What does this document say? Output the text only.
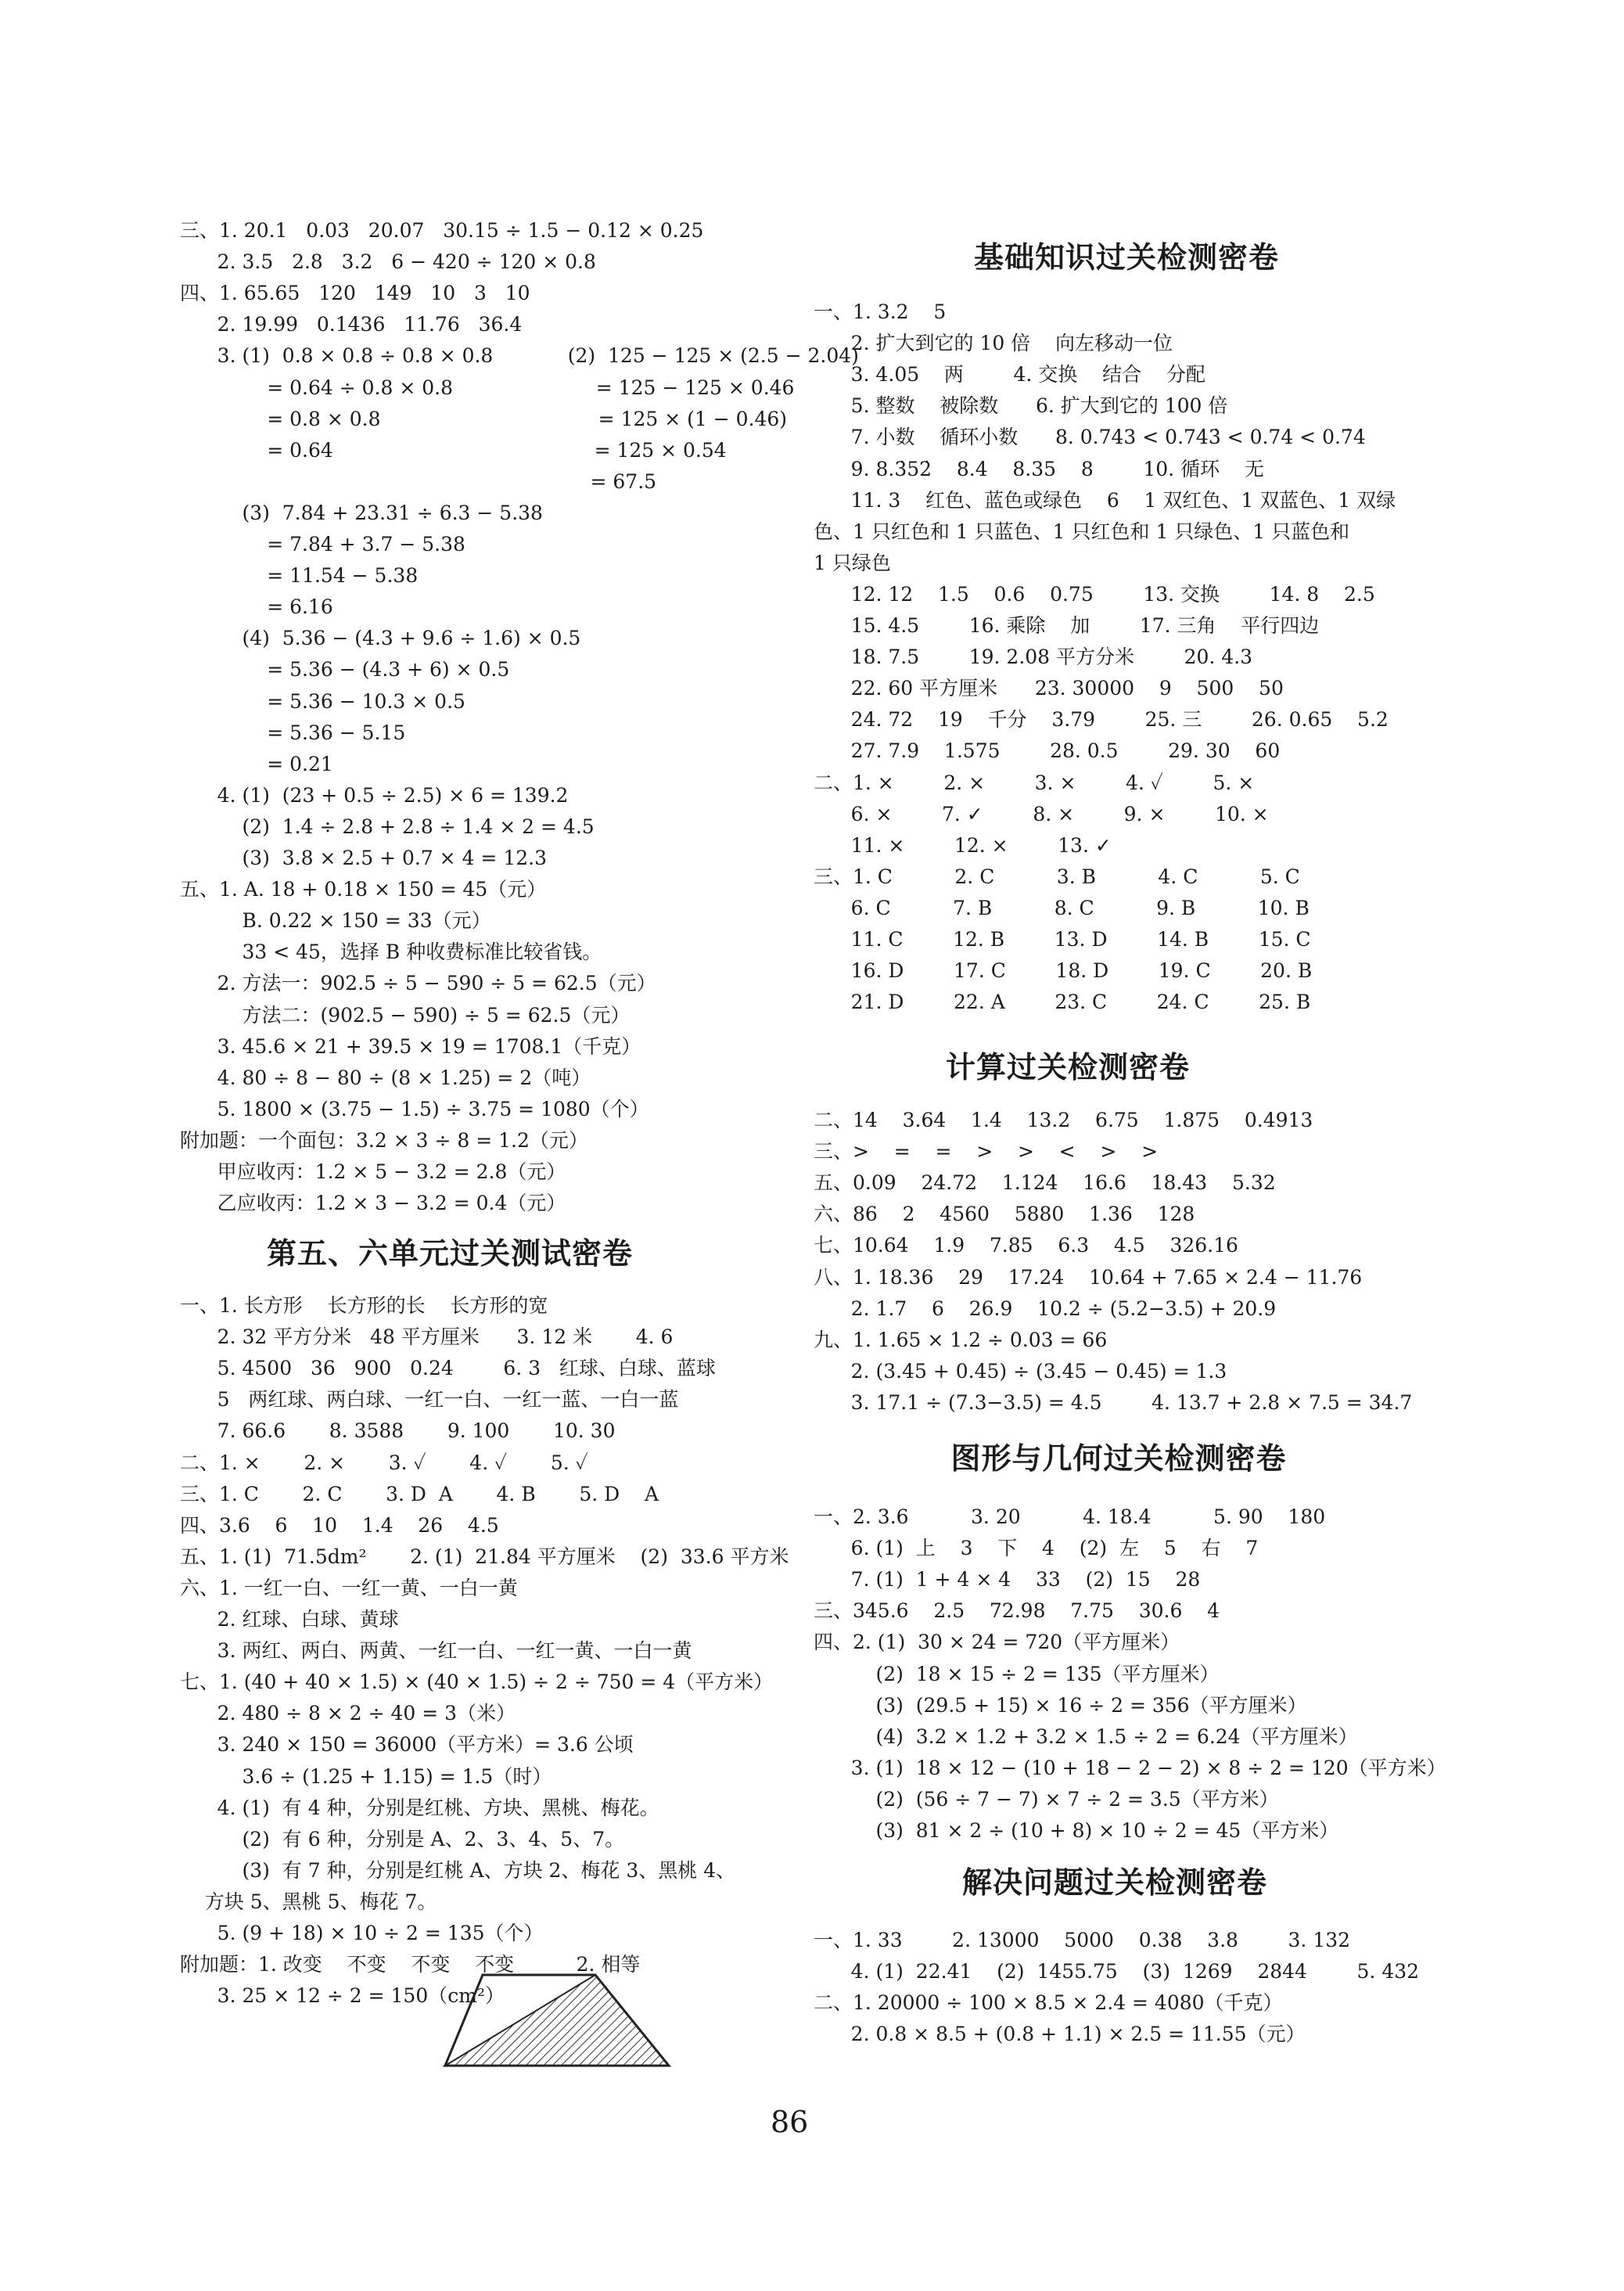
三、1. 20.1   0.03   20.07   30.15 ÷ 1.5 − 0.12 × 0.25
2. 3.5   2.8   3.2   6 − 420 ÷ 120 × 0.8
四、1. 65.65   120   149   10   3   10
2. 19.99   0.1436   11.76   36.4
3. (1)  0.8 × 0.8 ÷ 0.8 × 0.8            (2)  125 − 125 × (2.5 − 2.04)
= 0.64 ÷ 0.8 × 0.8                       = 125 − 125 × 0.46
= 0.8 × 0.8                                   = 125 × (1 − 0.46)
= 0.64                                          = 125 × 0.54
= 67.5
(3)  7.84 + 23.31 ÷ 6.3 − 5.38
= 7.84 + 3.7 − 5.38
= 11.54 − 5.38
= 6.16
(4)  5.36 − (4.3 + 9.6 ÷ 1.6) × 0.5
= 5.36 − (4.3 + 6) × 0.5
= 5.36 − 10.3 × 0.5
= 5.36 − 5.15
= 0.21
4. (1)  (23 + 0.5 ÷ 2.5) × 6 = 139.2
(2)  1.4 ÷ 2.8 + 2.8 ÷ 1.4 × 2 = 4.5
(3)  3.8 × 2.5 + 0.7 × 4 = 12.3
五、1. A. 18 + 0.18 × 150 = 45（元）
B. 0.22 × 150 = 33（元）
33 < 45，选择 B 种收费标准比较省钱。
2. 方法一：902.5 ÷ 5 − 590 ÷ 5 = 62.5（元）
方法二：(902.5 − 590) ÷ 5 = 62.5（元）
3. 45.6 × 21 + 39.5 × 19 = 1708.1（千克）
4. 80 ÷ 8 − 80 ÷ (8 × 1.25) = 2（吨）
5. 1800 × (3.75 − 1.5) ÷ 3.75 = 1080（个）
附加题：一个面包：3.2 × 3 ÷ 8 = 1.2（元）
甲应收丙：1.2 × 5 − 3.2 = 2.8（元）
乙应收丙：1.2 × 3 − 3.2 = 0.4（元）
第五、六单元过关测试密卷
一、1. 长方形    长方形的长    长方形的宽
2. 32 平方分米   48 平方厘米      3. 12 米       4. 6
5. 4500   36   900   0.24        6. 3   红球、白球、蓝球
5   两红球、两白球、一红一白、一红一蓝、一白一蓝
7. 66.6       8. 3588       9. 100       10. 30
二、1. ×       2. ×       3. ✓       4. ✓       5. ✓
三、1. C       2. C       3. D  A       4. B       5. D    A
四、3.6    6    10    1.4    26    4.5
五、1. (1)  71.5dm²       2. (1)  21.84 平方厘米    (2)  33.6 平方米
六、1. 一红一白、一红一黄、一白一黄
2. 红球、白球、黄球
3. 两红、两白、两黄、一红一白、一红一黄、一白一黄
七、1. (40 + 40 × 1.5) × (40 × 1.5) ÷ 2 ÷ 750 = 4（平方米）
2. 480 ÷ 8 × 2 ÷ 40 = 3（米）
3. 240 × 150 = 36000（平方米）= 3.6 公顷
3.6 ÷ (1.25 + 1.15) = 1.5（时）
4. (1)  有 4 种，分别是红桃、方块、黑桃、梅花。
(2)  有 6 种，分别是 A、2、3、4、5、7。
(3)  有 7 种，分别是红桃 A、方块 2、梅花 3、黑桃 4、
方块 5、黑桃 5、梅花 7。
5. (9 + 18) × 10 ÷ 2 = 135（个）
附加题：1. 改变    不变    不变    不变          2. 相等
3. 25 × 12 ÷ 2 = 150（cm²）
基础知识过关检测密卷
一、1. 3.2    5
2. 扩大到它的 10 倍    向左移动一位
3. 4.05    两        4. 交换    结合    分配
5. 整数    被除数      6. 扩大到它的 100 倍
7. 小数    循环小数      8. 0.743 < 0.74̇3̇ < 0.74̇ < 0.7̇4̇
9. 8.3̇52̇    8.4    8.35    8        10. 循环    无
11. 3    红色、蓝色或绿色    6    1 双红色、1 双蓝色、1 双绿
色、1 只红色和 1 只蓝色、1 只红色和 1 只绿色、1 只蓝色和
1 只绿色
12. 12    1.5    0.6    0.75        13. 交换        14. 8    2.5
15. 4.5        16. 乘除    加        17. 三角    平行四边
18. 7.5        19. 2.08 平方分米        20. 4.3
22. 60 平方厘米      23. 30000    9    500    50
24. 72    19    千分    3.79        25. 三        26. 0.65    5.2
27. 7.9    1.575        28. 0.5        29. 30    60
二、1. ×        2. ×        3. ×        4. ✓        5. ×
6. ×        7. ✓        8. ×        9. ×        10. ×
11. ×        12. ×        13. ✓
三、1. C          2. C          3. B          4. C          5. C
6. C          7. B          8. C          9. B          10. B
11. C        12. B        13. D        14. B        15. C
16. D        17. C        18. D        19. C        20. B
21. D        22. A        23. C        24. C        25. B
计算过关检测密卷
二、14    3.64    1.4    13.2    6.75    1.875    0.4913
三、>    =    =    >    >    <    >    >
五、0.09    24.72    1.124̇    16.6    18.43    5.32
六、86    2    4560    5880    1.36    128
七、10.64    1.9    7.85    6.3    4.5    326.16
八、1. 18.36    29    17.24    10.64 + 7.65 × 2.4 − 11.76
2. 1.7    6    26.9    10.2 ÷ (5.2−3.5) + 20.9
九、1. 1.65 × 1.2 ÷ 0.03 = 66
2. (3.45 + 0.45) ÷ (3.45 − 0.45) = 1.3
3. 17.1 ÷ (7.3−3.5) = 4.5        4. 13.7 + 2.8 × 7.5 = 34.7
图形与几何过关检测密卷
一、2. 3.6          3. 20          4. 18.4          5. 90    180
6. (1)  上    3    下    4    (2)  左    5    右    7
7. (1)  1 + 4 × 4    33    (2)  15    28
三、345.6    2.5    72.98    7.75    30.6    4
四、2. (1)  30 × 24 = 720（平方厘米）
(2)  18 × 15 ÷ 2 = 135（平方厘米）
(3)  (29.5 + 15) × 16 ÷ 2 = 356（平方厘米）
(4)  3.2 × 1.2 + 3.2 × 1.5 ÷ 2 = 6.24（平方厘米）
3. (1)  18 × 12 − (10 + 18 − 2 − 2) × 8 ÷ 2 = 120（平方米）
(2)  (56 ÷ 7 − 7) × 7 ÷ 2 = 3.5（平方米）
(3)  81 × 2 ÷ (10 + 8) × 10 ÷ 2 = 45（平方米）
解决问题过关检测密卷
一、1. 33        2. 13000    5000    0.38    3.8        3. 132
4. (1)  22.41    (2)  1455.75    (3)  1269    2844        5. 432
二、1. 20000 ÷ 100 × 8.5 × 2.4 = 4080（千克）
2. 0.8 × 8.5 + (0.8 + 1.1) × 2.5 = 11.55（元）
86
